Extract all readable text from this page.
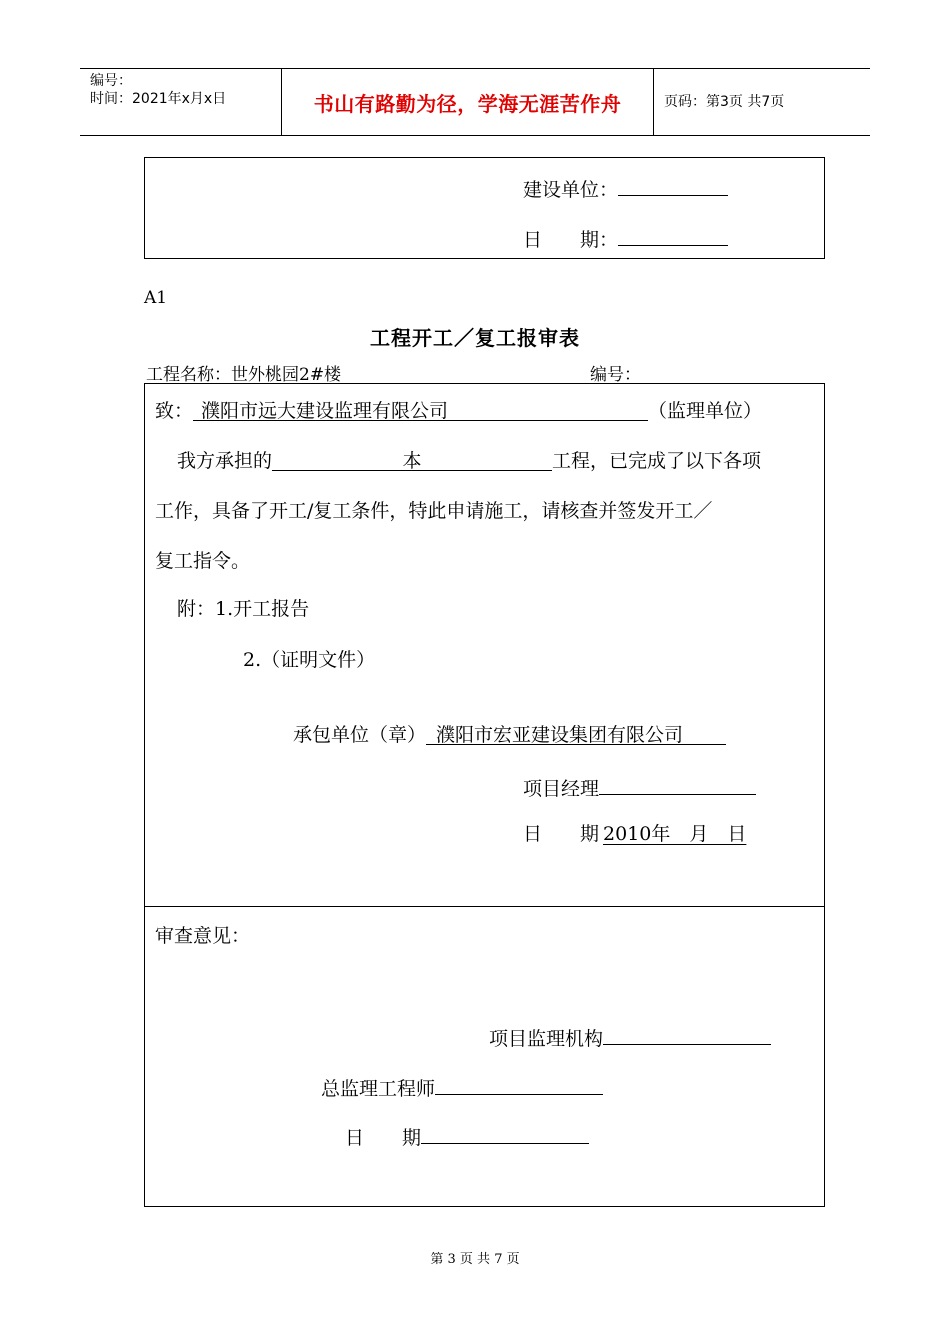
编号：
时间：2021年x月x日	书山有路勤为径，学海无涯苦作舟	页码：第3页 共7页
建设单位：
日　　期：
A1
工程开工／复工报审表
工程名称：世外桃园2#楼	编号：
致： 濮阳市远大建设监理有限公司	（监理单位）
我方承担的	本	工程，已完成了以下各项
工作，具备了开工/复工条件，特此申请施工，请核查并签发开工／
复工指令。
附：1.开工报告
2.（证明文件）
承包单位（章） 濮阳市宏亚建设集团有限公司
项目经理
日　　期 2010年　月　日
审查意见：
项目监理机构
总监理工程师
日　　期
第 3 页 共 7 页
